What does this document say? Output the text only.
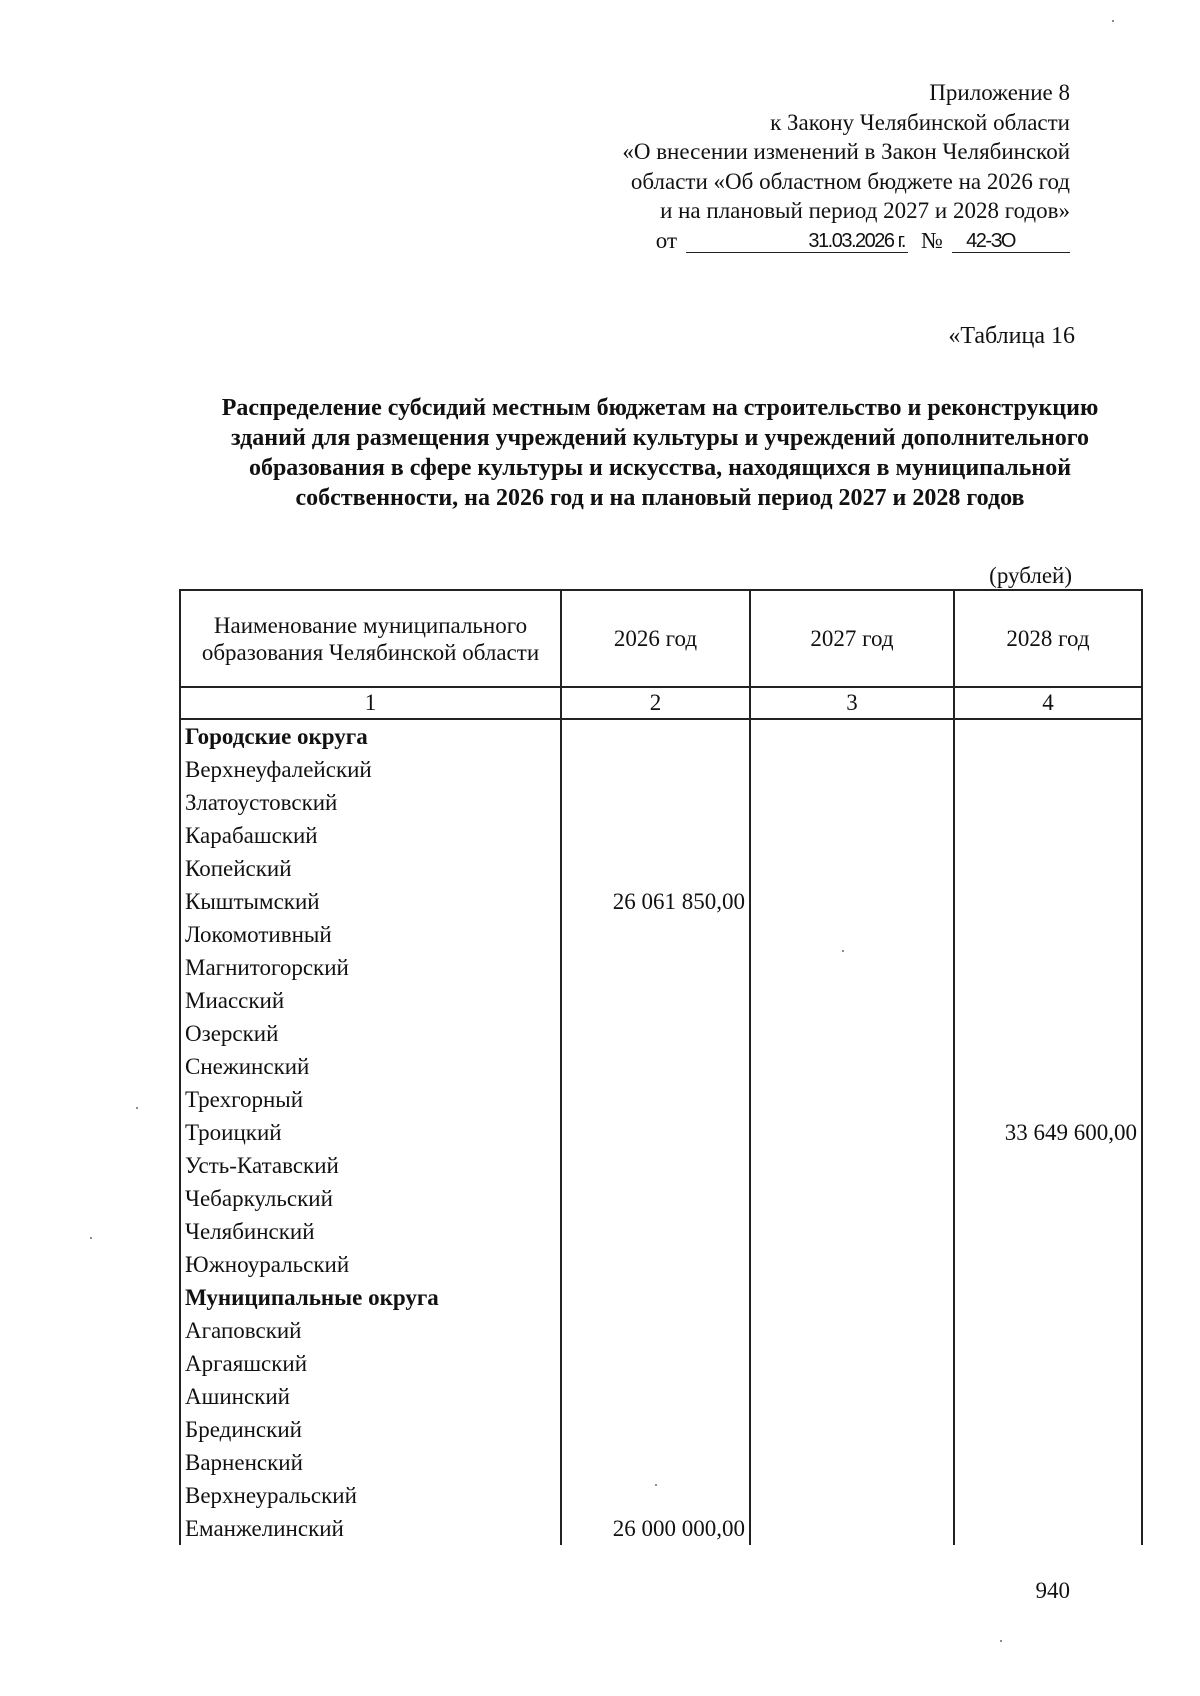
Приложение 8
к Закону Челябинской области
«О внесении изменений в Закон Челябинской
области «Об областном бюджете на 2026 год
и на плановый период 2027 и 2028 годов»
от	31.03.2026 г. № 42-ЗО
«Таблица 16
Распределение субсидий местным бюджетам на строительство и реконструкцию
зданий для размещения учреждений культуры и учреждений дополнительного
образования в сфере культуры и искусства, находящихся в муниципальной
собственности, на 2026 год и на плановый период 2027 и 2028 годов
(рублей)
Наименование муниципального образования Челябинской области	2026 год	2027 год	2028 год
1	2	3	4
Городские округа			
Верхнеуфалейский			
Златоустовский			
Карабашский			
Копейский			
Кыштымский	26 061 850,00		
Локомотивный			
Магнитогорский			
Миасский			
Озерский			
Снежинский			
Трехгорный			
Троицкий			33 649 600,00
Усть-Катавский			
Чебаркульский			
Челябинский			
Южноуральский			
Муниципальные округа			
Агаповский			
Аргаяшский			
Ашинский			
Брединский			
Варненский			
Верхнеуральский			
Еманжелинский	26 000 000,00		
940
